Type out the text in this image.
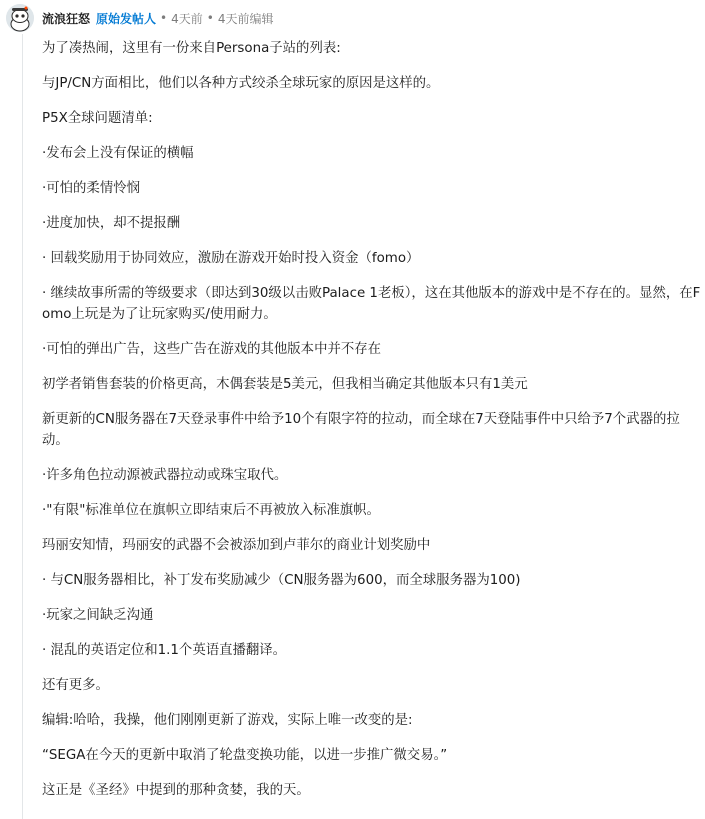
流浪狂怒 原始发帖人 • 4天前 • 4天前编辑

为了凑热闹，这里有一份来自Persona子站的列表:

与JP/CN方面相比，他们以各种方式绞杀全球玩家的原因是这样的。

P5X全球问题清单:

·发布会上没有保证的横幅

·可怕的柔情怜悯

·进度加快，却不提报酬

· 回载奖励用于协同效应，激励在游戏开始时投入资金（fomo）

· 继续故事所需的等级要求（即达到30级以击败Palace 1老板），这在其他版本的游戏中是不存在的。显然，在Fomo上玩是为了让玩家购买/使用耐力。

·可怕的弹出广告，这些广告在游戏的其他版本中并不存在

初学者销售套装的价格更高，木偶套装是5美元，但我相当确定其他版本只有1美元

新更新的CN服务器在7天登录事件中给予10个有限字符的拉动，而全球在7天登陆事件中只给予7个武器的拉动。

·许多角色拉动源被武器拉动或珠宝取代。

·"有限"标准单位在旗帜立即结束后不再被放入标准旗帜。

玛丽安知情，玛丽安的武器不会被添加到卢菲尔的商业计划奖励中

· 与CN服务器相比，补丁发布奖励减少（CN服务器为600，而全球服务器为100)

·玩家之间缺乏沟通

· 混乱的英语定位和1.1个英语直播翻译。

还有更多。

编辑:哈哈，我操，他们刚刚更新了游戏，实际上唯一改变的是:

“SEGA在今天的更新中取消了轮盘变换功能，以进一步推广微交易。”

这正是《圣经》中提到的那种贪婪，我的天。
